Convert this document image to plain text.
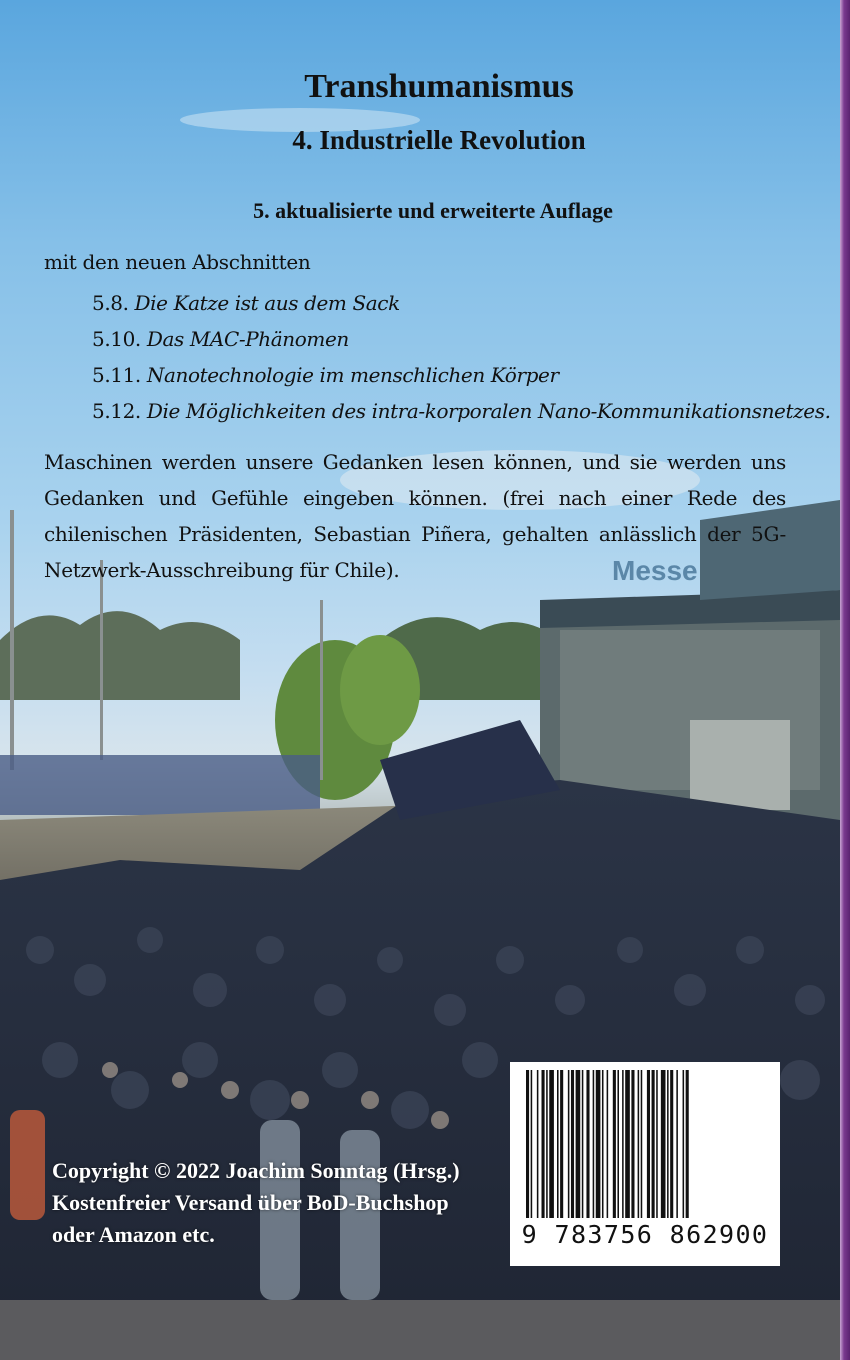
Messe
Transhumanismus
4. Industrielle Revolution
5. aktualisierte und erweiterte Auflage
mit den neuen Abschnitten
5.8. Die Katze ist aus dem Sack
5.10. Das MAC-Phänomen
5.11. Nanotechnologie im menschlichen Körper
5.12. Die Möglichkeiten des intra-korporalen Nano-Kommunikationsnetzes.
Maschinen werden unsere Gedanken lesen können, und sie werden uns Gedanken und Gefühle eingeben können. (frei nach einer Rede des chilenischen Präsidenten, Sebastian Piñera, gehalten anlässlich der 5G-Netzwerk-Ausschreibung für Chile).
Copyright © 2022 Joachim Sonntag (Hrsg.)
Kostenfreier Versand über BoD-Buchshop
oder Amazon etc.	9 783756 862900
